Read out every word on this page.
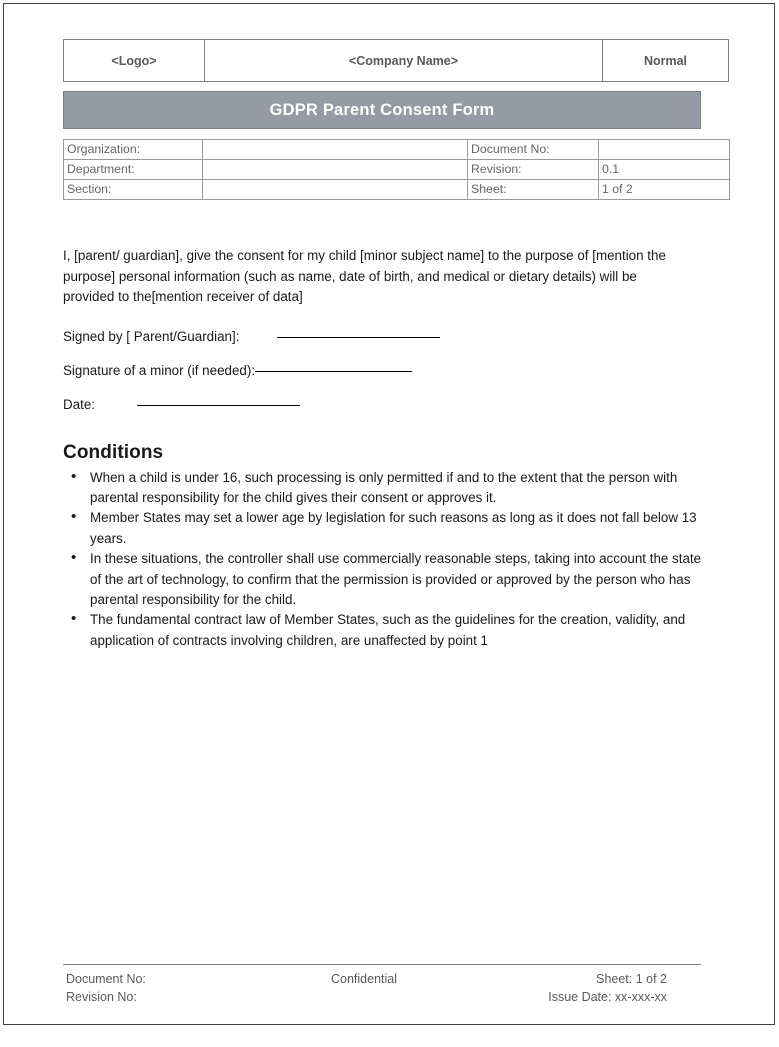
<Logo>	<Company Name>	Normal
GDPR Parent Consent Form
Organization:		Document No:	
Department:		Revision:	0.1
Section:		Sheet:	1 of 2

I, [parent/ guardian], give the consent for my child [minor subject name] to the purpose of [mention the purpose] personal information (such as name, date of birth, and medical or dietary details) will be provided to the[mention receiver of data]

Signed by [ Parent/Guardian]:
Signature of a minor (if needed):
Date:
Conditions
• When a child is under 16, such processing is only permitted if and to the extent that the person with parental responsibility for the child gives their consent or approves it.
• Member States may set a lower age by legislation for such reasons as long as it does not fall below 13 years.
• In these situations, the controller shall use commercially reasonable steps, taking into account the state of the art of technology, to confirm that the permission is provided or approved by the person who has parental responsibility for the child.
• The fundamental contract law of Member States, such as the guidelines for the creation, validity, and application of contracts involving children, are unaffected by point 1
Document No:
Revision No:
Confidential	Sheet: 1 of 2
Issue Date: xx-xxx-xx
